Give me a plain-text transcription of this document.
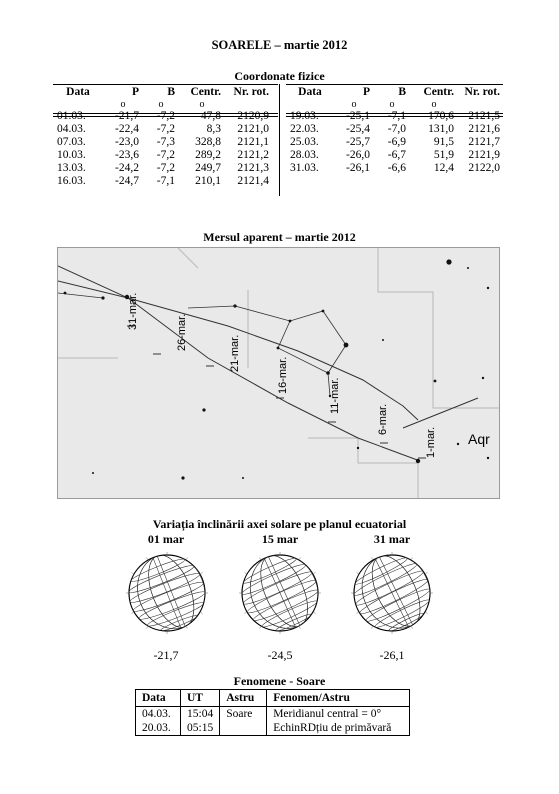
SOARELE – martie 2012
Coordonate fizice
Data	P	B	Centr.	Nr. rot.
	o	o	o	
01.03.	-21,7	-7,2	47,8	2120,9
04.03.	-22,4	-7,2	8,3	2121,0
07.03.	-23,0	-7,3	328,8	2121,1
10.03.	-23,6	-7,2	289,2	2121,2
13.03.	-24,2	-7,2	249,7	2121,3
16.03.	-24,7	-7,1	210,1	2121,4
Data	P	B	Centr.	Nr. rot.
	o	o	o	
19.03.	-25,1	-7,1	170,6	2121,5
22.03.	-25,4	-7,0	131,0	2121,6
25.03.	-25,7	-6,9	91,5	2121,7
28.03.	-26,0	-6,7	51,9	2121,9
31.03.	-26,1	-6,6	12,4	2122,0
Mersul aparent – martie 2012
31-mar.
26-mar.
21-mar.
16-mar.
11-mar.
6-mar.
1-mar. Aqr
Variația înclinării axei solare pe planul ecuatorial
01 mar	15 mar	31 mar
-21,7	-24,5	-26,1
Fenomene - Soare
Data	UT	Astru	Fenomen/Astru
04.03.	15:04	Soare	Meridianul central = 0°
20.03.	05:15		EchinRDțiu de primăvară
